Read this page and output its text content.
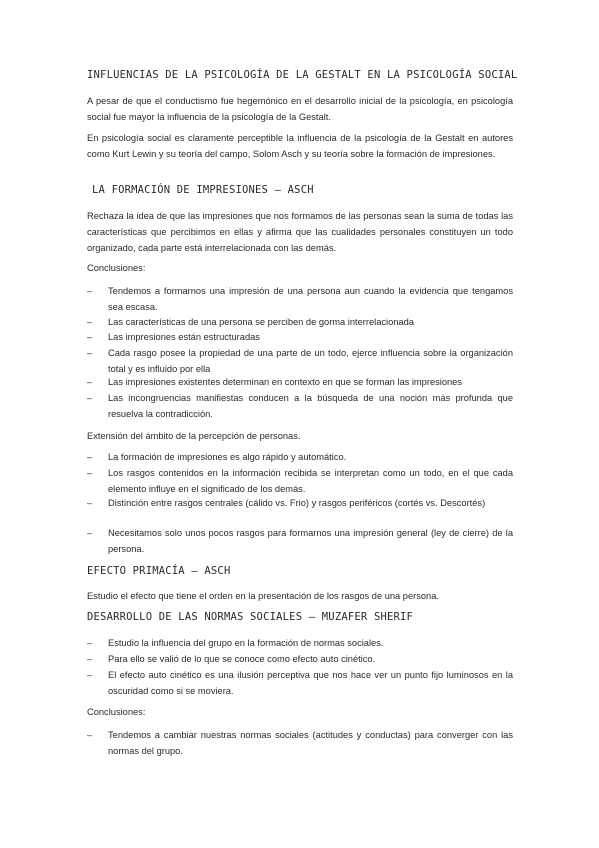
INFLUENCIAS DE LA PSICOLOGÍA DE LA GESTALT EN LA PSICOLOGÍA SOCIAL
A pesar de que el conductismo fue hegemónico en el desarrollo inicial de la psicología, en psicología social fue mayor la influencia de la psicología de la Gestalt.
En psicología social es claramente perceptible la influencia de la psicología de la Gestalt en autores como Kurt Lewin y su teoría del campo, Solom Asch y su teoría sobre la formación de impresiones.
LA FORMACIÓN DE IMPRESIONES – ASCH
Rechaza la idea de que las impresiones que nos formamos de las personas sean la suma de todas las características que percibimos en ellas y afirma que las cualidades personales constituyen un todo organizado, cada parte está interrelacionada con las demás.
Conclusiones:
–	Tendemos a formarnos una impresión de una persona aun cuando la evidencia que tengamos sea escasa.
–	Las características de una persona se perciben de gorma interrelacionada
–	Las impresiones están estructuradas
–	Cada rasgo posee la propiedad de una parte de un todo, ejerce influencia sobre la organización total y es influido por ella
–	Las impresiones existentes determinan en contexto en que se forman las impresiones
–	Las incongruencias manifiestas conducen a la búsqueda de una noción más profunda que resuelva la contradicción.
Extensión del ámbito de la percepción de personas.
–	La formación de impresiones es algo rápido y automático.
–	Los rasgos contenidos en la información recibida se interpretan como un todo, en el que cada elemento influye en el significado de los demás.
–	Distinción entre rasgos centrales (cálido vs. Frio) y rasgos periféricos (cortés vs. Descortés)
–	Necesitamos solo unos pocos rasgos para formarnos una impresión general (ley de cierre) de la persona.
EFECTO PRIMACÍA – ASCH
Estudio el efecto que tiene el orden en la presentación de los rasgos de una persona.
DESARROLLO DE LAS NORMAS SOCIALES – MUZAFER SHERIF
–	Estudio la influencia del grupo en la formación de normas sociales.
–	Para ello se valió de lo que se conoce como efecto auto cinético.
–	El efecto auto cinético es una ilusión perceptiva que nos hace ver un punto fijo luminosos en la oscuridad como si se moviera.
Conclusiones:
–	Tendemos a cambiar nuestras normas sociales (actitudes y conductas) para converger con las normas del grupo.
